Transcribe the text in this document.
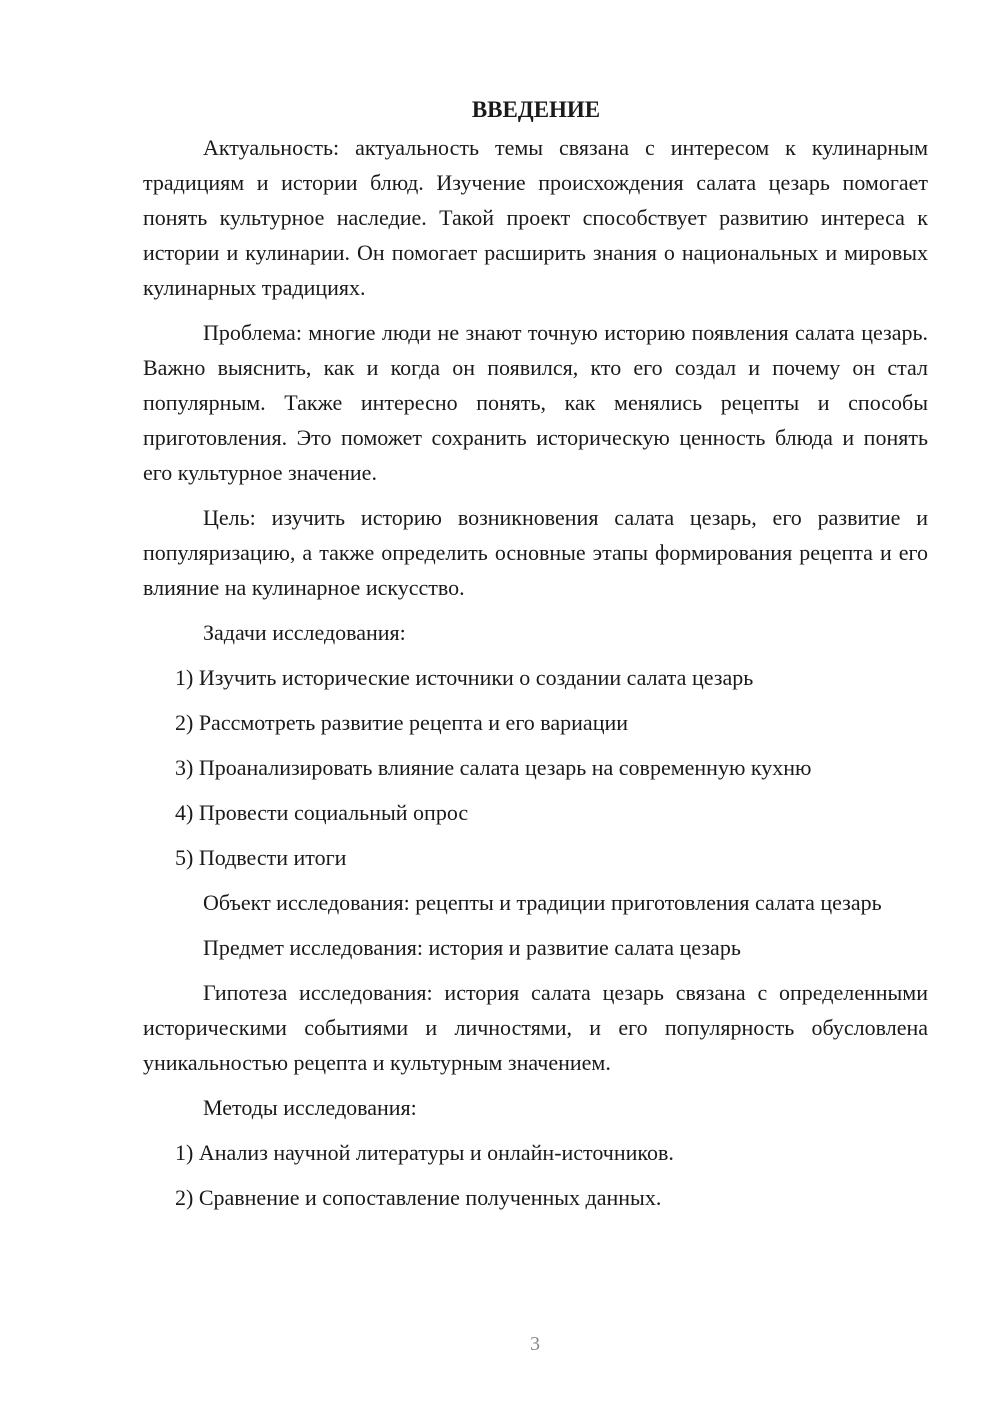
ВВЕДЕНИЕ

Актуальность: актуальность темы связана с интересом к кулинарным традициям и истории блюд. Изучение происхождения салата цезарь помогает понять культурное наследие. Такой проект способствует развитию интереса к истории и кулинарии. Он помогает расширить знания о национальных и мировых кулинарных традициях.

Проблема: многие люди не знают точную историю появления салата цезарь. Важно выяснить, как и когда он появился, кто его создал и почему он стал популярным. Также интересно понять, как менялись рецепты и способы приготовления. Это поможет сохранить историческую ценность блюда и понять его культурное значение.

Цель: изучить историю возникновения салата цезарь, его развитие и популяризацию, а также определить основные этапы формирования рецепта и его влияние на кулинарное искусство.

Задачи исследования:

1) Изучить исторические источники о создании салата цезарь
2) Рассмотреть развитие рецепта и его вариации
3) Проанализировать влияние салата цезарь на современную кухню
4) Провести социальный опрос
5) Подвести итоги

Объект исследования: рецепты и традиции приготовления салата цезарь

Предмет исследования: история и развитие салата цезарь

Гипотеза исследования: история салата цезарь связана с определенными историческими событиями и личностями, и его популярность обусловлена уникальностью рецепта и культурным значением.

Методы исследования:

1) Анализ научной литературы и онлайн-источников.
2) Сравнение и сопоставление полученных данных.
3
